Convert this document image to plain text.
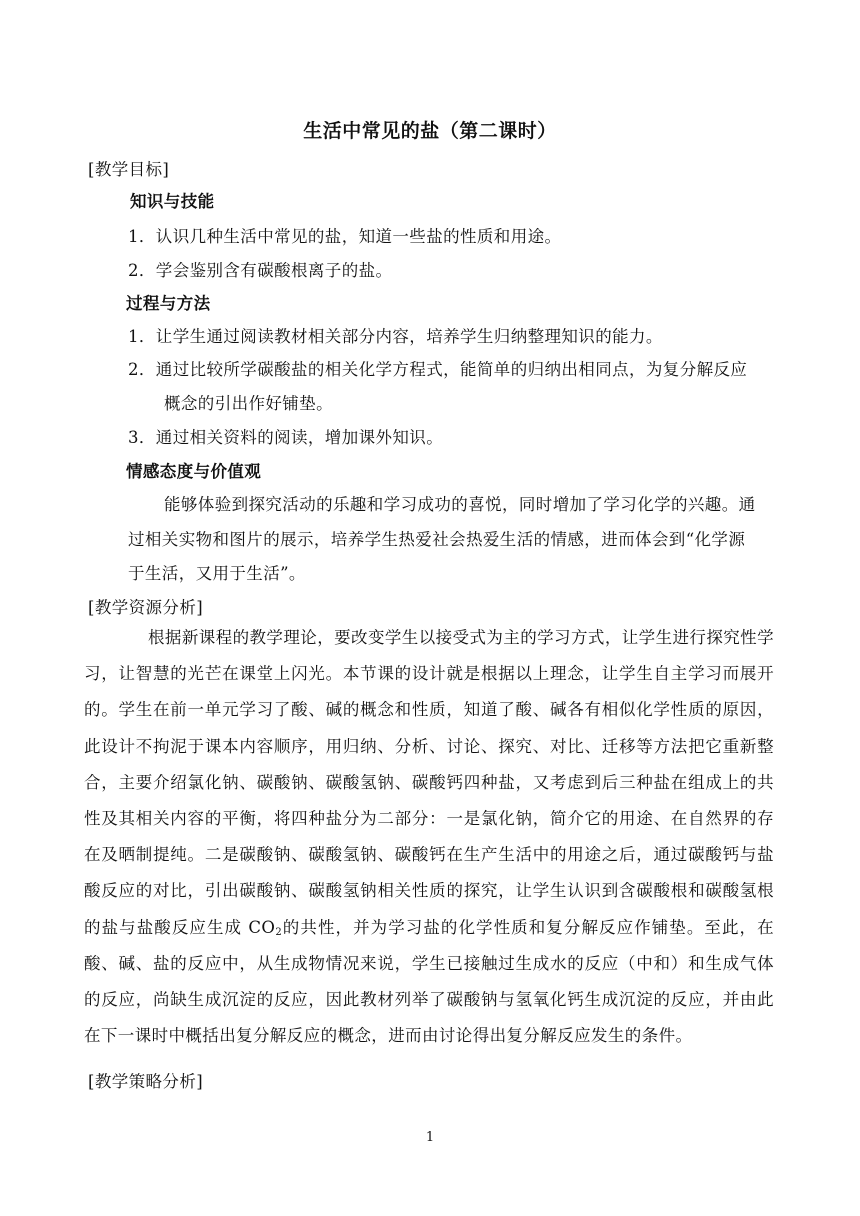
生活中常见的盐（第二课时）
[教学目标]
知识与技能
1．认识几种生活中常见的盐，知道一些盐的性质和用途。
2．学会鉴别含有碳酸根离子的盐。
过程与方法
1．让学生通过阅读教材相关部分内容，培养学生归纳整理知识的能力。
2．通过比较所学碳酸盐的相关化学方程式，能简单的归纳出相同点，为复分解反应
概念的引出作好铺垫。
3．通过相关资料的阅读，增加课外知识。
情感态度与价值观
能够体验到探究活动的乐趣和学习成功的喜悦，同时增加了学习化学的兴趣。通
过相关实物和图片的展示，培养学生热爱社会热爱生活的情感，进而体会到“化学源
于生活，又用于生活”。
[教学资源分析]
根据新课程的教学理论，要改变学生以接受式为主的学习方式，让学生进行探究性学习，让智慧的光芒在课堂上闪光。本节课的设计就是根据以上理念，让学生自主学习而展开的。学生在前一单元学习了酸、碱的概念和性质，知道了酸、碱各有相似化学性质的原因，此设计不拘泥于课本内容顺序，用归纳、分析、讨论、探究、对比、迁移等方法把它重新整合，主要介绍氯化钠、碳酸钠、碳酸氢钠、碳酸钙四种盐，又考虑到后三种盐在组成上的共性及其相关内容的平衡，将四种盐分为二部分：一是氯化钠，简介它的用途、在自然界的存在及晒制提纯。二是碳酸钠、碳酸氢钠、碳酸钙在生产生活中的用途之后，通过碳酸钙与盐酸反应的对比，引出碳酸钠、碳酸氢钠相关性质的探究，让学生认识到含碳酸根和碳酸氢根的盐与盐酸反应生成 $CO_2$的共性，并为学习盐的化学性质和复分解反应作铺垫。至此，在酸、碱、盐的反应中，从生成物情况来说，学生已接触过生成水的反应（中和）和生成气体的反应，尚缺生成沉淀的反应，因此教材列举了碳酸钠与氢氧化钙生成沉淀的反应，并由此在下一课时中概括出复分解反应的概念，进而由讨论得出复分解反应发生的条件。
[教学策略分析]
1
